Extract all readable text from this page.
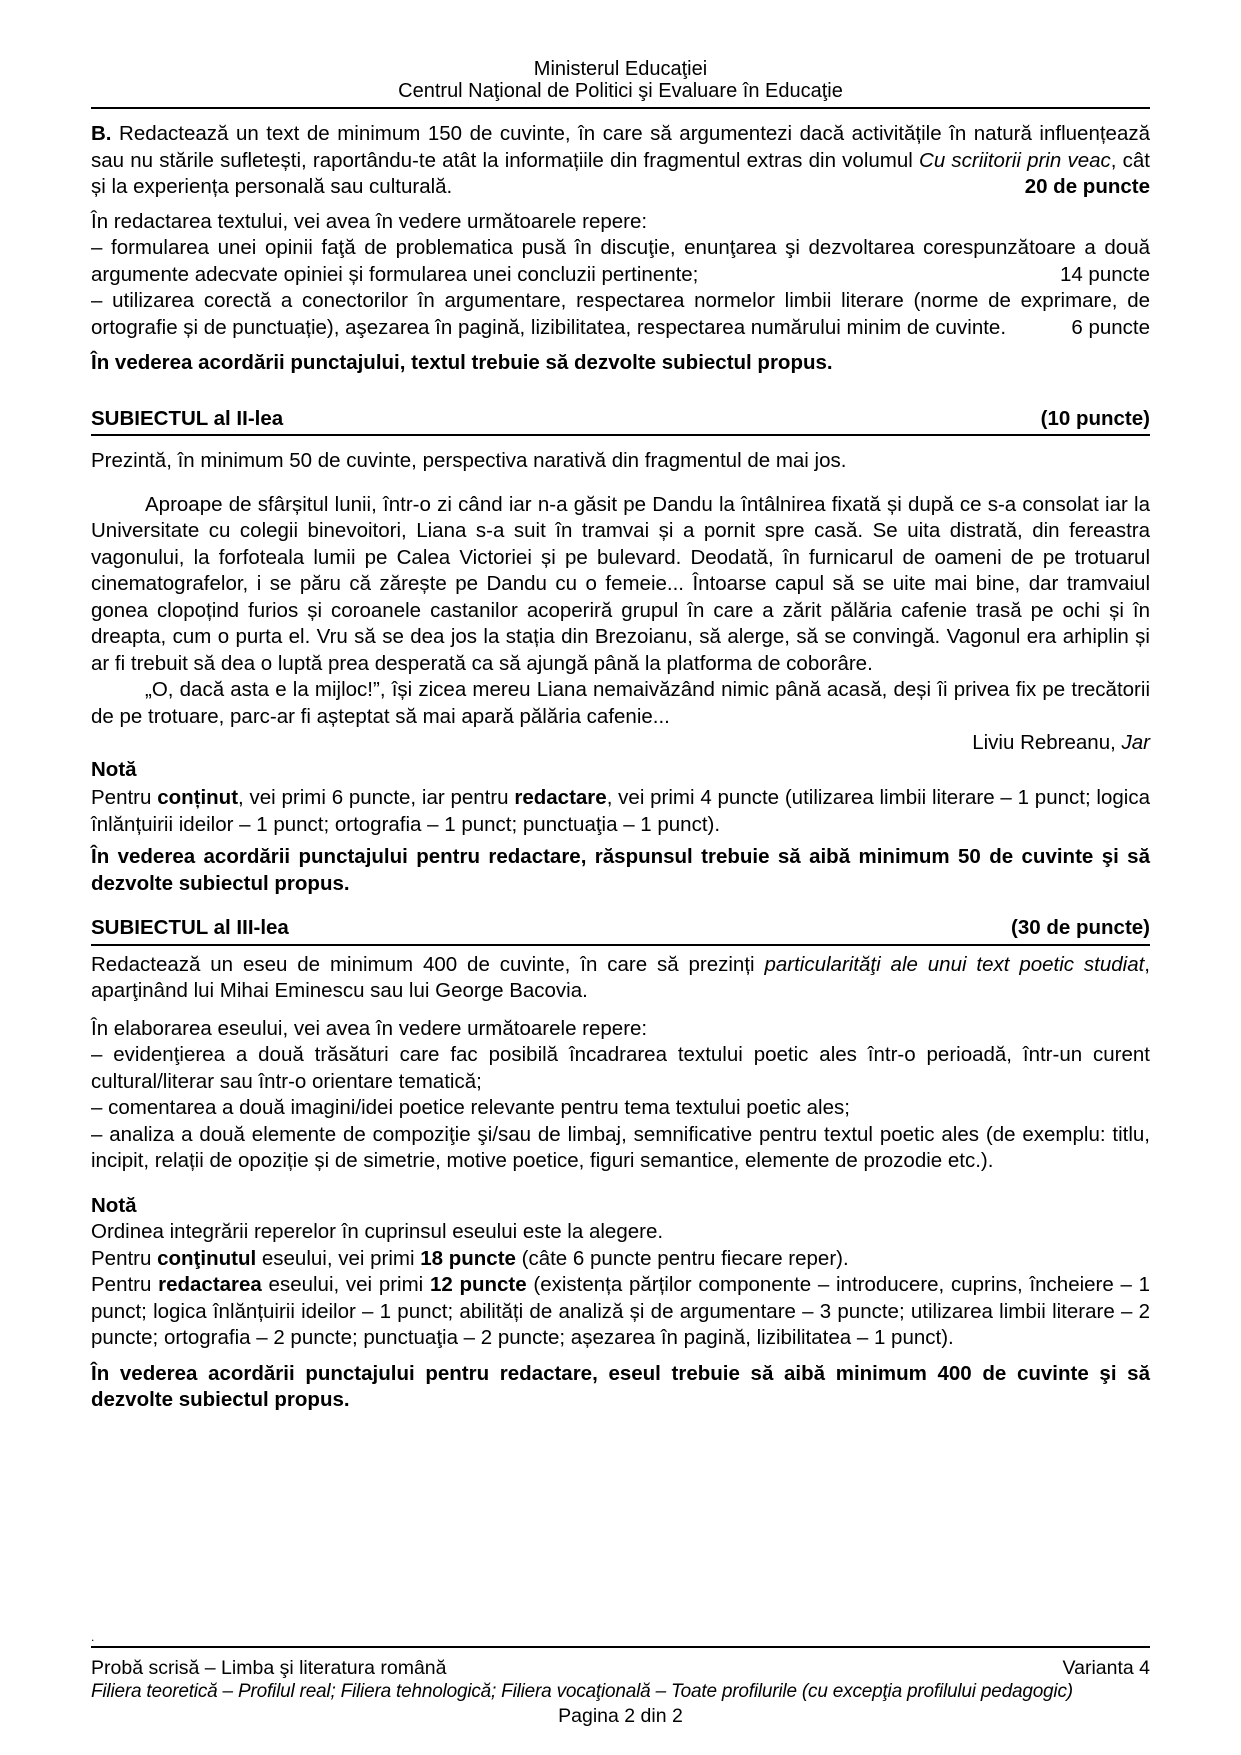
Ministerul Educaţiei
Centrul Naţional de Politici şi Evaluare în Educaţie

B. Redactează un text de minimum 150 de cuvinte, în care să argumentezi dacă activitățile în natură influențează sau nu stările sufletești, raportându-te atât la informațiile din fragmentul extras din volumul Cu scriitorii prin veac, cât și la experiența personală sau culturală.	20 de puncte

În redactarea textului, vei avea în vedere următoarele repere:

– formularea unei opinii faţă de problematica pusă în discuţie, enunţarea şi dezvoltarea corespunzătoare a două argumente adecvate opiniei și formularea unei concluzii pertinente;	14 puncte

– utilizarea corectă a conectorilor în argumentare, respectarea normelor limbii literare (norme de exprimare, de ortografie și de punctuație), aşezarea în pagină, lizibilitatea, respectarea numărului minim de cuvinte.	6 puncte

În vederea acordării punctajului, textul trebuie să dezvolte subiectul propus.

SUBIECTUL al II-lea	(10 puncte)

Prezintă, în minimum 50 de cuvinte, perspectiva narativă din fragmentul de mai jos.

Aproape de sfârșitul lunii, într-o zi când iar n-a găsit pe Dandu la întâlnirea fixată și după ce s-a consolat iar la Universitate cu colegii binevoitori, Liana s-a suit în tramvai și a pornit spre casă. Se uita distrată, din fereastra vagonului, la forfoteala lumii pe Calea Victoriei și pe bulevard. Deodată, în furnicarul de oameni de pe trotuarul cinematografelor, i se păru că zărește pe Dandu cu o femeie... Întoarse capul să se uite mai bine, dar tramvaiul gonea clopoțind furios și coroanele castanilor acoperiră grupul în care a zărit pălăria cafenie trasă pe ochi și în dreapta, cum o purta el. Vru să se dea jos la stația din Brezoianu, să alerge, să se convingă. Vagonul era arhiplin și ar fi trebuit să dea o luptă prea desperată ca să ajungă până la platforma de coborâre.

„O, dacă asta e la mijloc!”, își zicea mereu Liana nemaivăzând nimic până acasă, deși îi privea fix pe trecătorii de pe trotuare, parc-ar fi așteptat să mai apară pălăria cafenie...

Liviu Rebreanu, Jar

Notă

Pentru conținut, vei primi 6 puncte, iar pentru redactare, vei primi 4 puncte (utilizarea limbii literare – 1 punct; logica înlănțuirii ideilor – 1 punct; ortografia – 1 punct; punctuaţia – 1 punct).

În vederea acordării punctajului pentru redactare, răspunsul trebuie să aibă minimum 50 de cuvinte şi să dezvolte subiectul propus.

SUBIECTUL al III-lea	(30 de puncte)

Redactează un eseu de minimum 400 de cuvinte, în care să prezinți particularităţi ale unui text poetic studiat, aparţinând lui Mihai Eminescu sau lui George Bacovia.

În elaborarea eseului, vei avea în vedere următoarele repere:

– evidenţierea a două trăsături care fac posibilă încadrarea textului poetic ales într-o perioadă, într-un curent cultural/literar sau într-o orientare tematică;

– comentarea a două imagini/idei poetice relevante pentru tema textului poetic ales;

– analiza a două elemente de compoziţie şi/sau de limbaj, semnificative pentru textul poetic ales (de exemplu: titlu, incipit, relații de opoziție și de simetrie, motive poetice, figuri semantice, elemente de prozodie etc.).

Notă

Ordinea integrării reperelor în cuprinsul eseului este la alegere.

Pentru conţinutul eseului, vei primi 18 puncte (câte 6 puncte pentru fiecare reper).

Pentru redactarea eseului, vei primi 12 puncte (existența părților componente – introducere, cuprins, încheiere – 1 punct; logica înlănțuirii ideilor – 1 punct; abilități de analiză și de argumentare – 3 puncte; utilizarea limbii literare – 2 puncte; ortografia – 2 puncte; punctuaţia – 2 puncte; așezarea în pagină, lizibilitatea – 1 punct).

În vederea acordării punctajului pentru redactare, eseul trebuie să aibă minimum 400 de cuvinte şi să dezvolte subiectul propus.

.
Probă scrisă – Limba şi literatura română	Varianta 4
Filiera teoretică – Profilul real; Filiera tehnologică; Filiera vocaţională – Toate profilurile (cu excepţia profilului pedagogic)
Pagina 2 din 2
